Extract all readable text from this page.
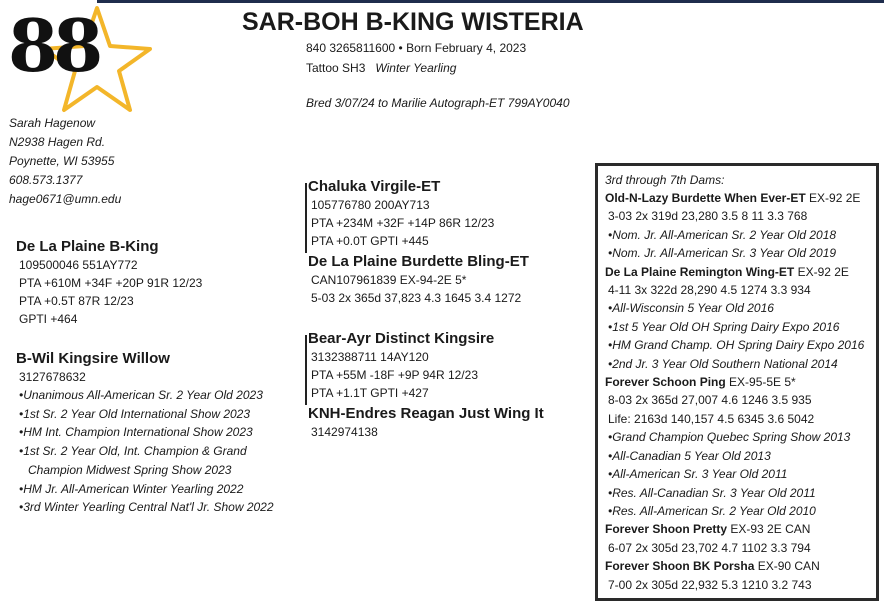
88	SAR-BOH B-KING WISTERIA
840 3265811600 • Born February 4, 2023
Tattoo SH3 Winter Yearling
Bred 3/07/24 to Marilie Autograph-ET 799AY0040
Sarah Hagenow
N2938 Hagen Rd.
Poynette, WI 53955
608.573.1377
hage0671@umn.edu
De La Plaine B-King
109500046 551AY772
PTA +610M +34F +20P 91R 12/23
PTA +0.5T 87R 12/23
GPTI +464
B-Wil Kingsire Willow
3127678632
•Unanimous All-American Sr. 2 Year Old 2023
•1st Sr. 2 Year Old International Show 2023
•HM Int. Champion International Show 2023
•1st Sr. 2 Year Old, Int. Champion & Grand
Champion Midwest Spring Show 2023
•HM Jr. All-American Winter Yearling 2022
•3rd Winter Yearling Central Nat'l Jr. Show 2022
Chaluka Virgile-ET
105776780 200AY713
PTA +234M +32F +14P 86R 12/23
PTA +0.0T GPTI +445
De La Plaine Burdette Bling-ET
CAN107961839 EX-94-2E 5*
5-03 2x 365d 37,823 4.3 1645 3.4 1272
Bear-Ayr Distinct Kingsire
3132388711 14AY120
PTA +55M -18F +9P 94R 12/23
PTA +1.1T GPTI +427
KNH-Endres Reagan Just Wing It
3142974138
3rd through 7th Dams:
Old-N-Lazy Burdette When Ever-ET EX-92 2E
3-03 2x 319d 23,280 3.5 8 11 3.3 768
•Nom. Jr. All-American Sr. 2 Year Old 2018
•Nom. Jr. All-American Sr. 3 Year Old 2019
De La Plaine Remington Wing-ET EX-92 2E
4-11 3x 322d 28,290 4.5 1274 3.3 934
•All-Wisconsin 5 Year Old 2016
•1st 5 Year Old OH Spring Dairy Expo 2016
•HM Grand Champ. OH Spring Dairy Expo 2016
•2nd Jr. 3 Year Old Southern National 2014
Forever Schoon Ping EX-95-5E 5*
8-03 2x 365d 27,007 4.6 1246 3.5 935
Life: 2163d 140,157 4.5 6345 3.6 5042
•Grand Champion Quebec Spring Show 2013
•All-Canadian 5 Year Old 2013
•All-American Sr. 3 Year Old 2011
•Res. All-Canadian Sr. 3 Year Old 2011
•Res. All-American Sr. 2 Year Old 2010
Forever Shoon Pretty EX-93 2E CAN
6-07 2x 305d 23,702 4.7 1102 3.3 794
Forever Shoon BK Porsha EX-90 CAN
7-00 2x 305d 22,932 5.3 1210 3.2 743
